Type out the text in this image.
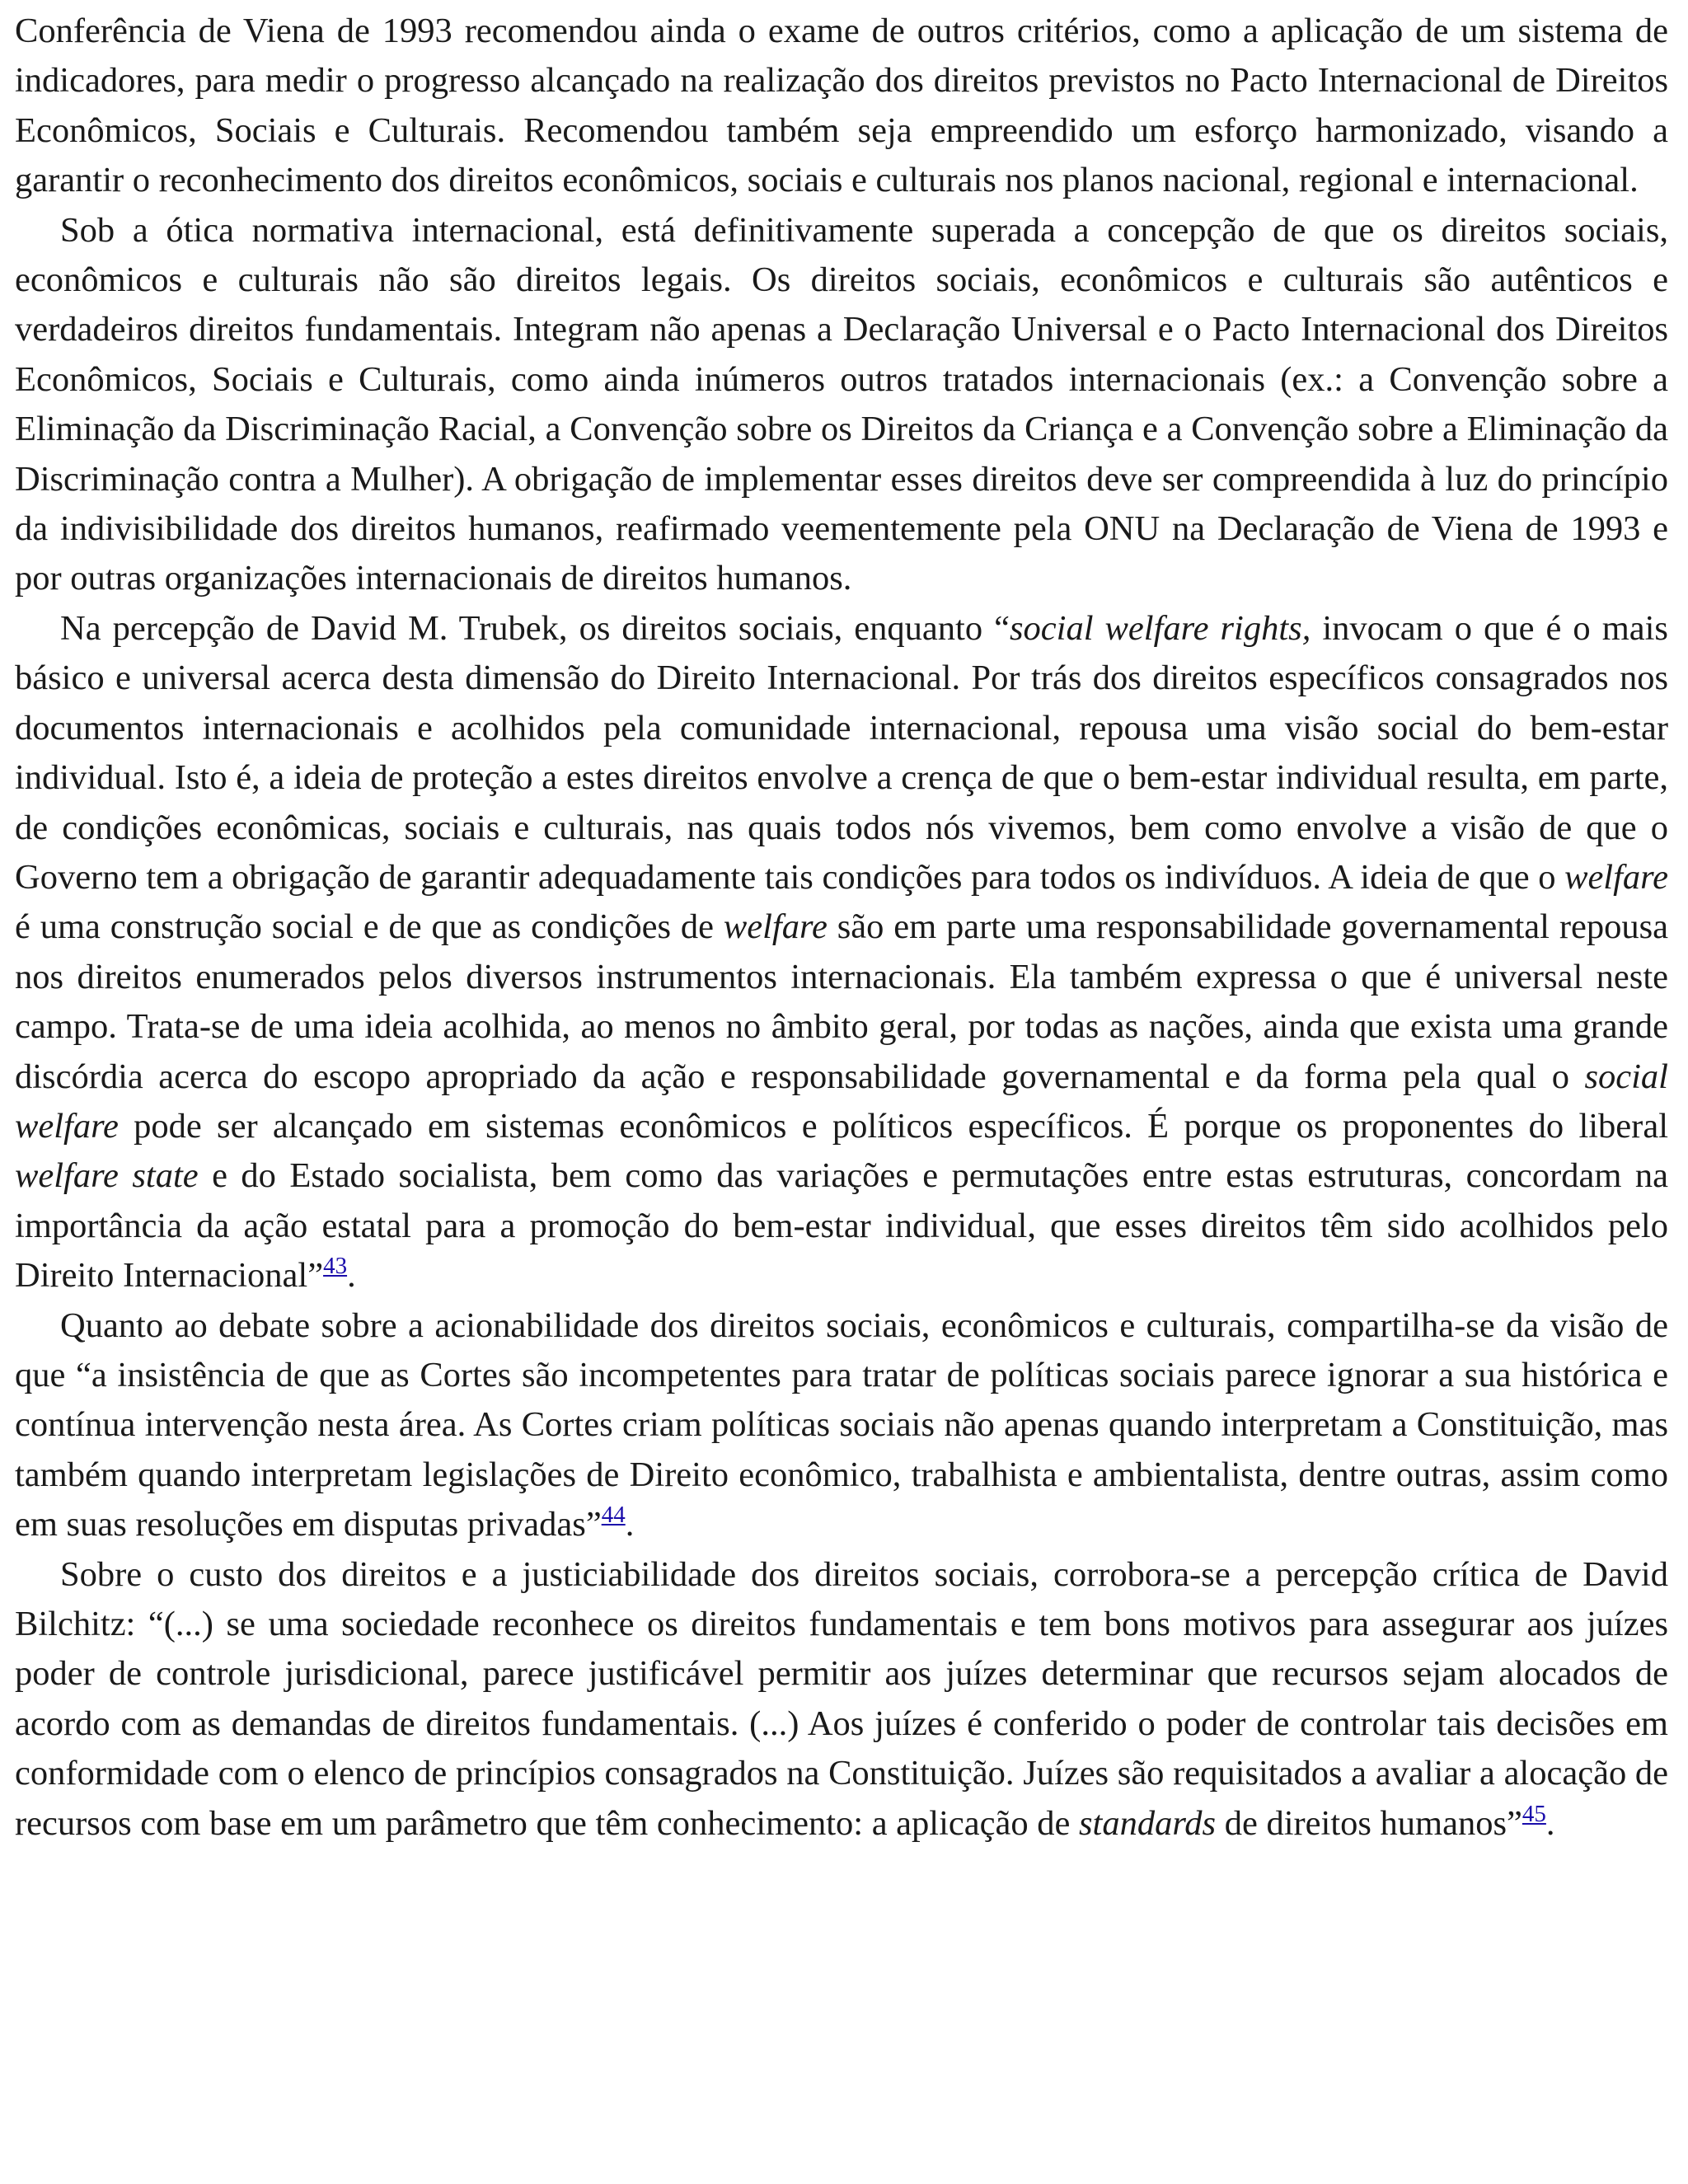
Conferência de Viena de 1993 recomendou ainda o exame de outros critérios, como a aplicação de um sistema de indicadores, para medir o progresso alcançado na realização dos direitos previstos no Pacto Internacional de Direitos Econômicos, Sociais e Culturais. Recomendou também seja empreendido um esforço harmonizado, visando a garantir o reconhecimento dos direitos econômicos, sociais e culturais nos planos nacional, regional e internacional.

Sob a ótica normativa internacional, está definitivamente superada a concepção de que os direitos sociais, econômicos e culturais não são direitos legais. Os direitos sociais, econômicos e culturais são autênticos e verdadeiros direitos fundamentais. Integram não apenas a Declaração Universal e o Pacto Internacional dos Direitos Econômicos, Sociais e Culturais, como ainda inúmeros outros tratados internacionais (ex.: a Convenção sobre a Eliminação da Discriminação Racial, a Convenção sobre os Direitos da Criança e a Convenção sobre a Eliminação da Discriminação contra a Mulher). A obrigação de implementar esses direitos deve ser compreendida à luz do princípio da indivisibilidade dos direitos humanos, reafirmado veementemente pela ONU na Declaração de Viena de 1993 e por outras organizações internacionais de direitos humanos.

Na percepção de David M. Trubek, os direitos sociais, enquanto “social welfare rights, invocam o que é o mais básico e universal acerca desta dimensão do Direito Internacional. Por trás dos direitos específicos consagrados nos documentos internacionais e acolhidos pela comunidade internacional, repousa uma visão social do bem-estar individual. Isto é, a ideia de proteção a estes direitos envolve a crença de que o bem-estar individual resulta, em parte, de condições econômicas, sociais e culturais, nas quais todos nós vivemos, bem como envolve a visão de que o Governo tem a obrigação de garantir adequadamente tais condições para todos os indivíduos. A ideia de que o welfare é uma construção social e de que as condições de welfare são em parte uma responsabilidade governamental repousa nos direitos enumerados pelos diversos instrumentos internacionais. Ela também expressa o que é universal neste campo. Trata-se de uma ideia acolhida, ao menos no âmbito geral, por todas as nações, ainda que exista uma grande discórdia acerca do escopo apropriado da ação e responsabilidade governamental e da forma pela qual o social welfare pode ser alcançado em sistemas econômicos e políticos específicos. É porque os proponentes do liberal welfare state e do Estado socialista, bem como das variações e permutações entre estas estruturas, concordam na importância da ação estatal para a promoção do bem-estar individual, que esses direitos têm sido acolhidos pelo Direito Internacional”$^{43}$.

Quanto ao debate sobre a acionabilidade dos direitos sociais, econômicos e culturais, compartilha-se da visão de que “a insistência de que as Cortes são incompetentes para tratar de políticas sociais parece ignorar a sua histórica e contínua intervenção nesta área. As Cortes criam políticas sociais não apenas quando interpretam a Constituição, mas também quando interpretam legislações de Direito econômico, trabalhista e ambientalista, dentre outras, assim como em suas resoluções em disputas privadas”$^{44}$.

Sobre o custo dos direitos e a justiciabilidade dos direitos sociais, corrobora-se a percepção crítica de David Bilchitz: “(...) se uma sociedade reconhece os direitos fundamentais e tem bons motivos para assegurar aos juízes poder de controle jurisdicional, parece justificável permitir aos juízes determinar que recursos sejam alocados de acordo com as demandas de direitos fundamentais. (...) Aos juízes é conferido o poder de controlar tais decisões em conformidade com o elenco de princípios consagrados na Constituição. Juízes são requisitados a avaliar a alocação de recursos com base em um parâmetro que têm conhecimento: a aplicação de standards de direitos humanos”$^{45}$.
